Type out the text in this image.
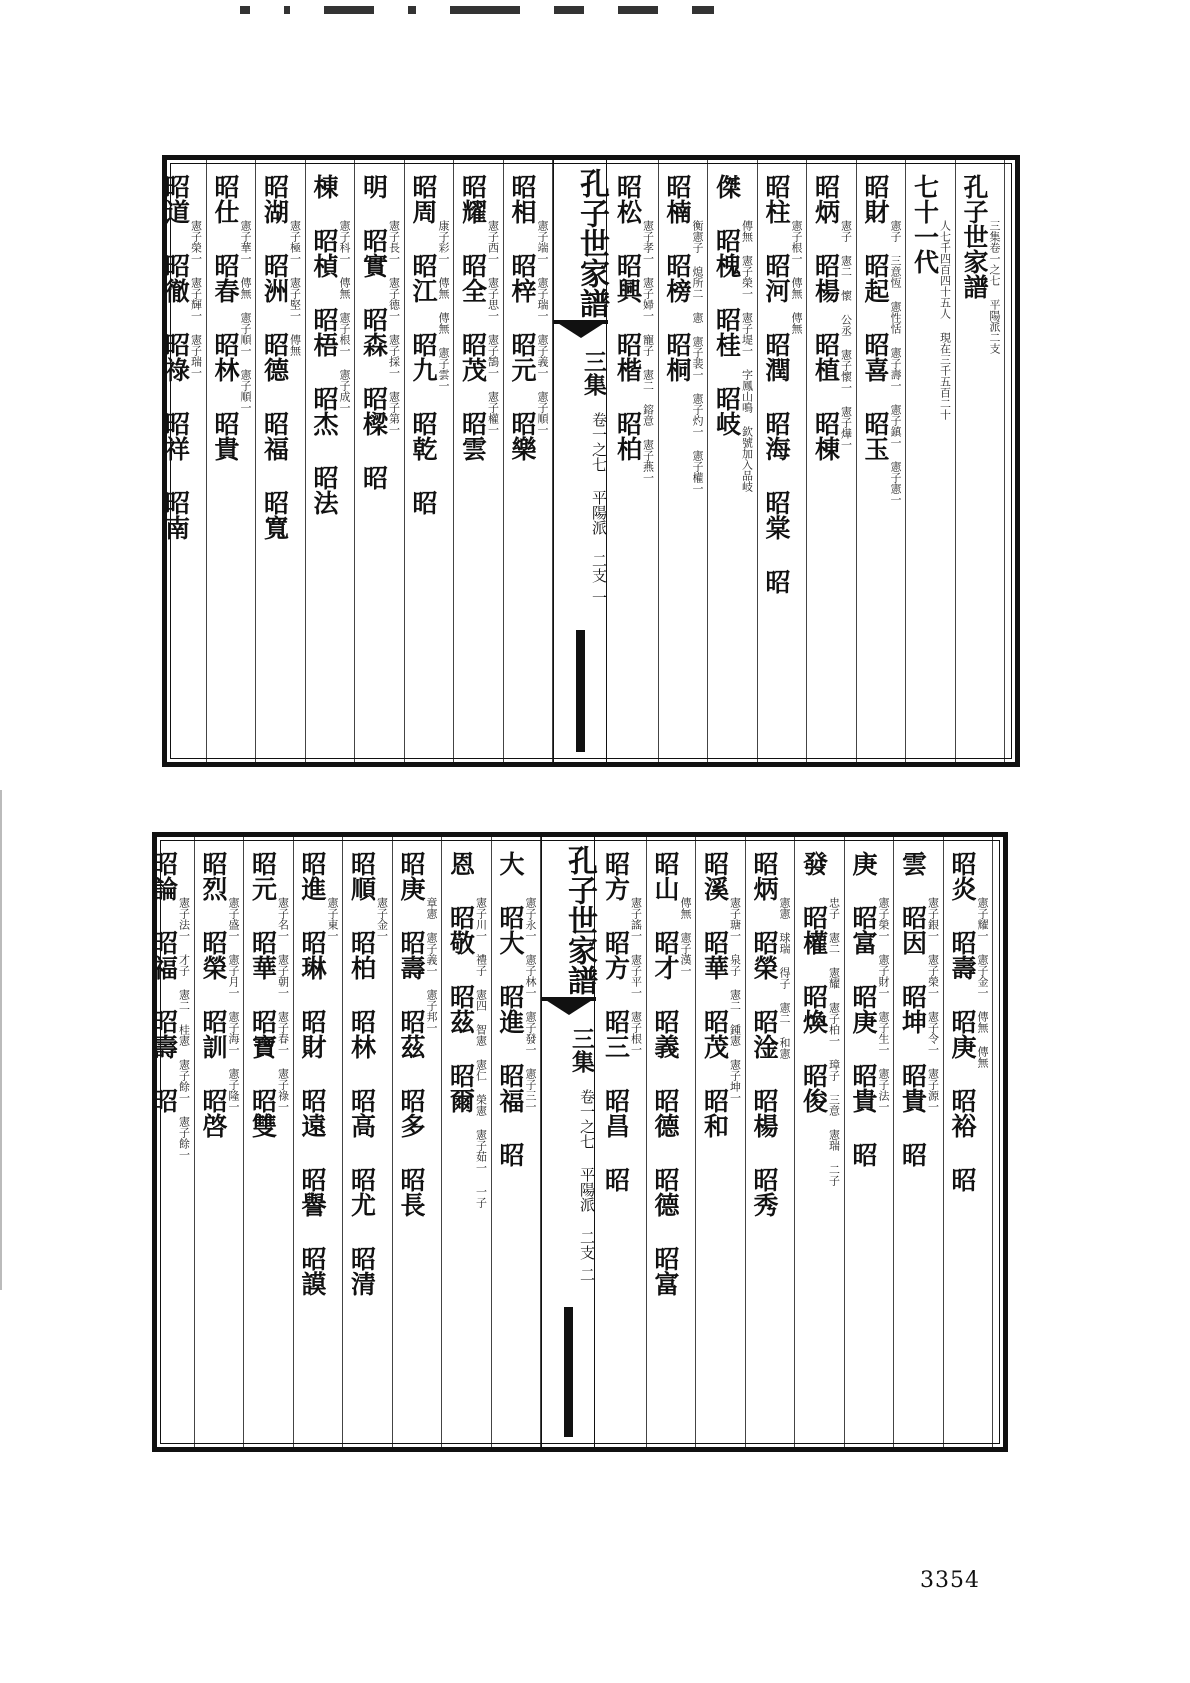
孔子世家譜 三集卷一之七 平陽派二支
七十一代 人七千四百四十五人 現在三千五百二十
昭財 昭起 昭喜 昭玉 憲子 三意恆 憲性恬 憲子壽一 憲子鎮一 憲子憲一
昭炳 昭楊 昭植 昭棟 憲子 憲二 懷 公丞 憲子懷一 憲子燁一
昭柱 昭河 昭潤 昭海 昭棠 昭 憲子根一 傳無 傳無
傑 昭槐 昭桂 昭岐 傳無 憲子榮一 憲子堤一 字鳳山鳴 欽號加入品岐
昭楠 昭榜 昭桐 衡憲子 熄所二 憲 憲子裴一 憲子灼一 憲子權一
昭松 昭興 昭楷 昭柏 憲子孝一 憲子婦一 寵子 憲二 鎔意 憲子燕一
孔子世家譜
三集
卷一之七 平陽派 二支
一
昭相 昭梓 昭元 昭樂 憲子端一 憲子瑞一 憲子義一 憲子順一
昭耀 昭全 昭茂 昭雲 憲子西一 憲子思一 憲子鵠一 憲子權一
昭周 昭江 昭九 昭乾 昭 康子彩一 傳無 傳無 憲子雲一
明 昭實 昭森 昭樑 昭 憲子長一 憲子德一 憲子採一 憲子第一
棟 昭楨 昭梧 昭杰 昭法 憲子科一 傳無 憲子根一 憲子成一
昭湖 昭洲 昭德 昭福 昭寬 憲子極一 憲子堅一 傳無
昭仕 昭春 昭林 昭貴 憲子華一 傳無 憲子順一 憲子順一
昭道 昭徹 昭祿 昭祥 昭南 憲子榮一 憲子輝一 憲子瑞一
昭炎 昭壽 昭庚 昭裕 昭 憲子耀一 憲子金一 傳無 傳無
雲 昭因 昭坤 昭貴 昭 憲子銀一 憲子榮一 憲子令一 憲子源一
庚 昭富 昭庚 昭貴 昭 憲子榮一 憲子財一 憲子生一 憲子法一
發 昭權 昭煥 昭俊 忠子 憲二 憲耀 憲子柏一 璋子 三意 憲瑞 二子
昭炳 昭榮 昭淦 昭楊 昭秀 憲憲 球瑞 得子 憲二 和憲
昭溪 昭華 昭茂 昭和 憲子瑭一 泉子 憲二 鍾憲 憲子坤一
昭山 昭才 昭義 昭德 昭德 昭富 傳無 憲子漢一
昭方 昭方 昭三 昭昌 昭 憲子謠一 憲子平一 憲子根一
孔子世家譜
三集
卷一之七 平陽派 二支
二
大 昭大 昭進 昭福 昭 憲子永一 憲子林一 憲子發一 憲子三一
恩 昭敬 昭茲 昭爾 憲子川一 禮子 憲四 智憲 憲仁 榮憲 憲子茹一 一子
昭庚 昭壽 昭茲 昭多 昭長 章憲 憲子義一 憲子邦一
昭順 昭柏 昭林 昭高 昭尤 昭清 憲子金一
昭進 昭琳 昭財 昭遠 昭譽 昭謨 憲子東一
昭元 昭華 昭寶 昭雙 憲子名一 憲子朝一 憲子春一 憲子祿一
昭烈 昭榮 昭訓 昭啓 憲子盛一 憲子月一 憲子海一 憲子隆一
昭論 昭福 昭壽 昭 憲子法一 才子 憲二 桂憲 憲子餘一 憲子餘一
3354
